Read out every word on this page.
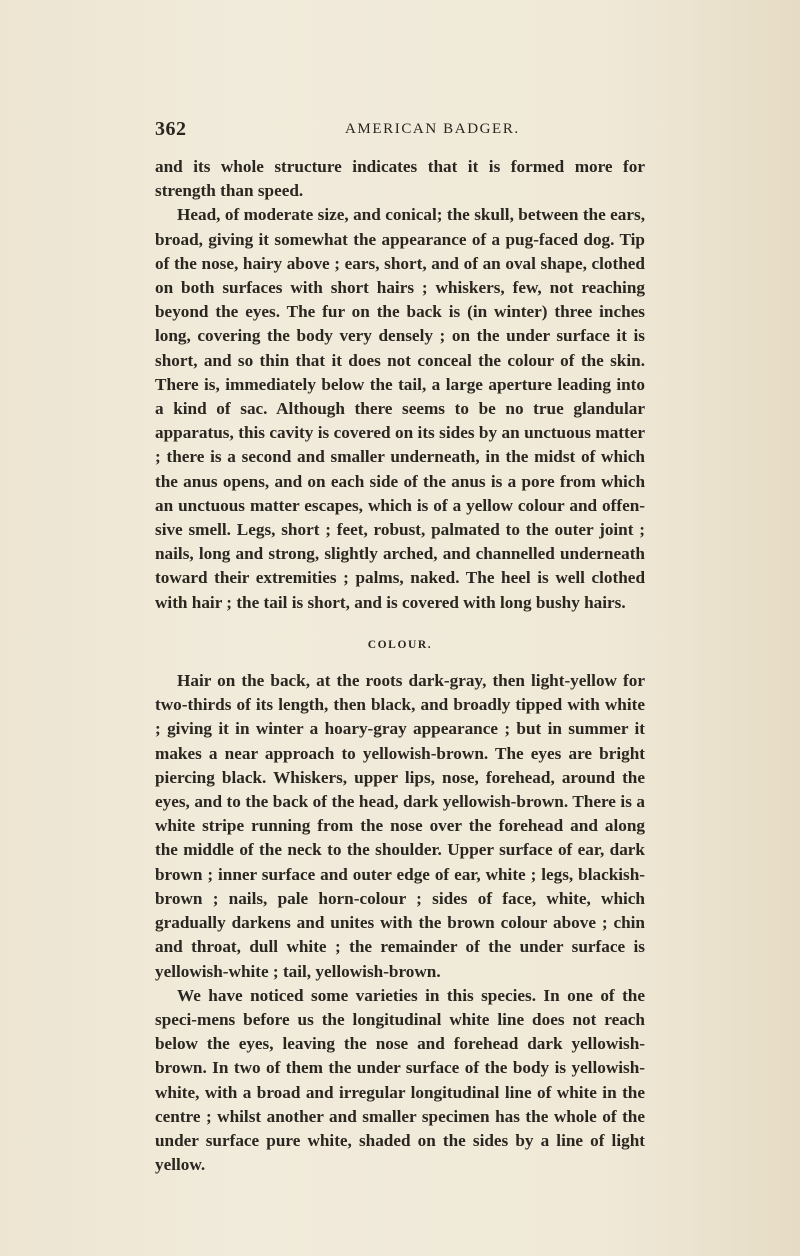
362	AMERICAN BADGER.

and its whole structure indicates that it is formed more for strength than speed.

Head, of moderate size, and conical; the skull, between the ears, broad, giving it somewhat the appearance of a pug-faced dog. Tip of the nose, hairy above ; ears, short, and of an oval shape, clothed on both surfaces with short hairs ; whiskers, few, not reaching beyond the eyes. The fur on the back is (in winter) three inches long, covering the body very densely ; on the under surface it is short, and so thin that it does not conceal the colour of the skin. There is, immediately below the tail, a large aperture leading into a kind of sac. Although there seems to be no true glandular apparatus, this cavity is covered on its sides by an unctuous matter ; there is a second and smaller underneath, in the midst of which the anus opens, and on each side of the anus is a pore from which an unctuous matter escapes, which is of a yellow colour and offen-sive smell. Legs, short ; feet, robust, palmated to the outer joint ; nails, long and strong, slightly arched, and channelled underneath toward their extremities ; palms, naked. The heel is well clothed with hair ; the tail is short, and is covered with long bushy hairs.

COLOUR.

Hair on the back, at the roots dark-gray, then light-yellow for two-thirds of its length, then black, and broadly tipped with white ; giving it in winter a hoary-gray appearance ; but in summer it makes a near approach to yellowish-brown. The eyes are bright piercing black. Whiskers, upper lips, nose, forehead, around the eyes, and to the back of the head, dark yellowish-brown. There is a white stripe running from the nose over the forehead and along the middle of the neck to the shoulder. Upper surface of ear, dark brown ; inner surface and outer edge of ear, white ; legs, blackish-brown ; nails, pale horn-colour ; sides of face, white, which gradually darkens and unites with the brown colour above ; chin and throat, dull white ; the remainder of the under surface is yellowish-white ; tail, yellowish-brown.

We have noticed some varieties in this species. In one of the speci-mens before us the longitudinal white line does not reach below the eyes, leaving the nose and forehead dark yellowish-brown. In two of them the under surface of the body is yellowish-white, with a broad and irregular longitudinal line of white in the centre ; whilst another and smaller specimen has the whole of the under surface pure white, shaded on the sides by a line of light yellow.
